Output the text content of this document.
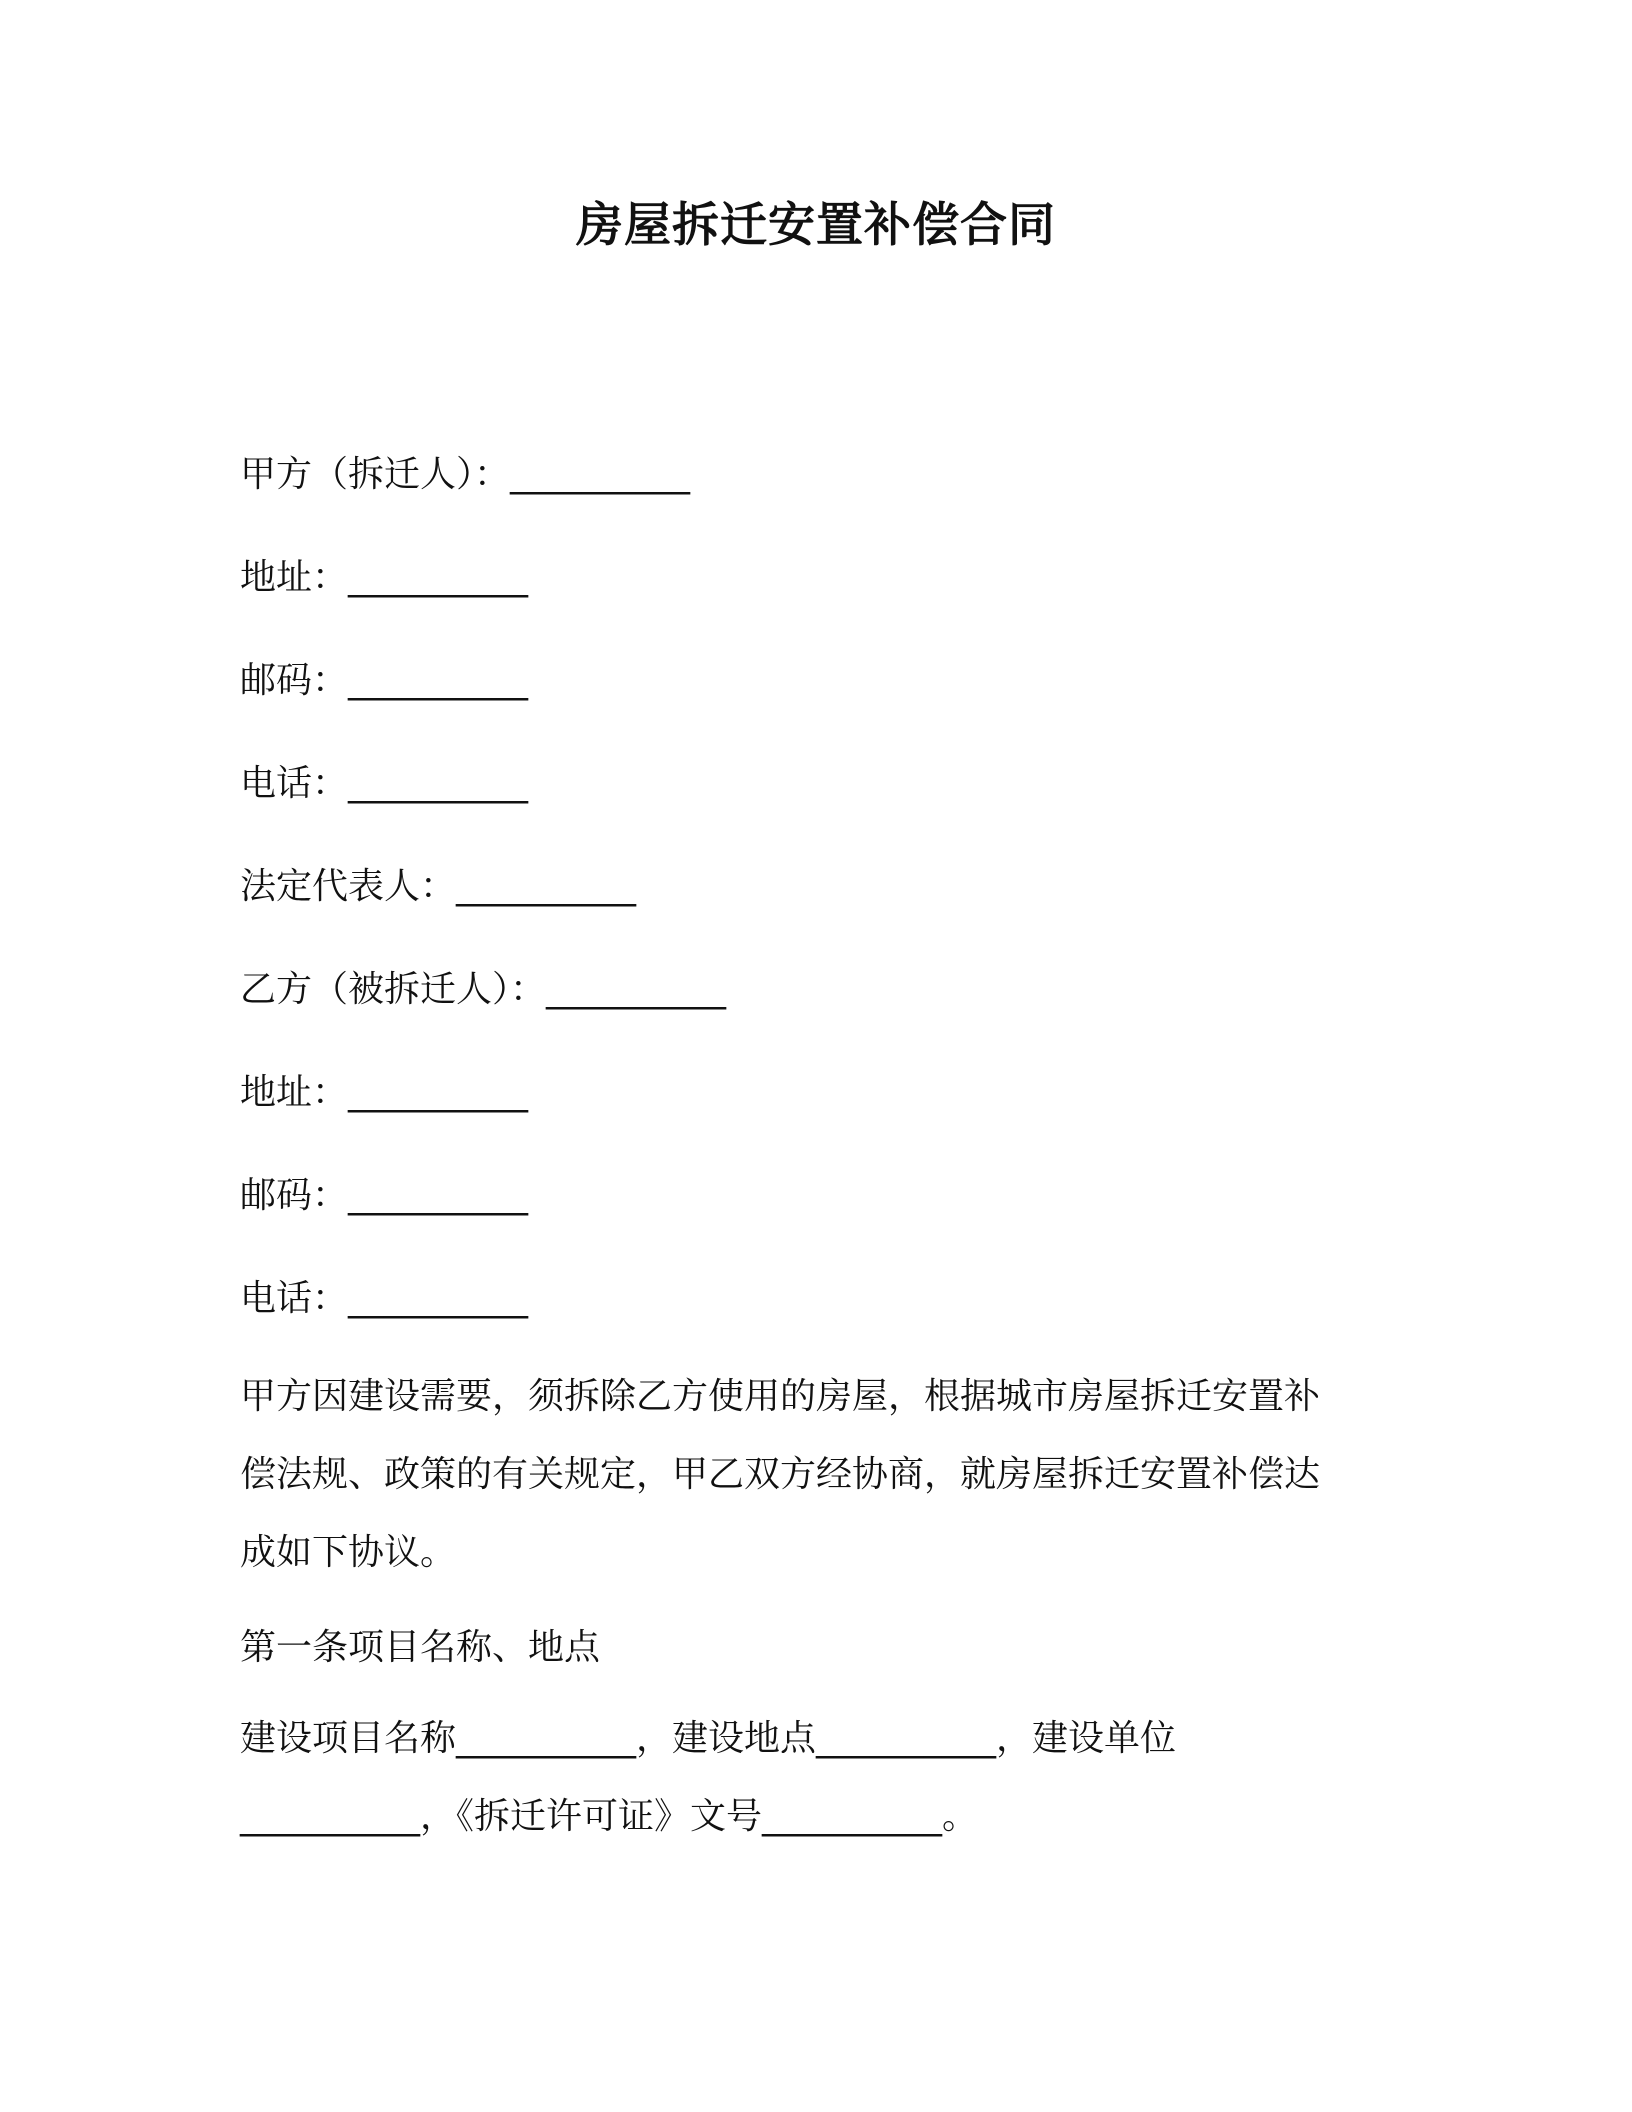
房屋拆迁安置补偿合同
甲方（拆迁人）：__________
地址：__________
邮码：__________
电话：__________
法定代表人：__________
乙方（被拆迁人）：__________
地址：__________
邮码：__________
电话：__________
甲方因建设需要，须拆除乙方使用的房屋，根据城市房屋拆迁安置补
偿法规、政策的有关规定，甲乙双方经协商，就房屋拆迁安置补偿达
成如下协议。
第一条项目名称、地点
建设项目名称__________，建设地点__________，建设单位
__________，《拆迁许可证》文号__________。
